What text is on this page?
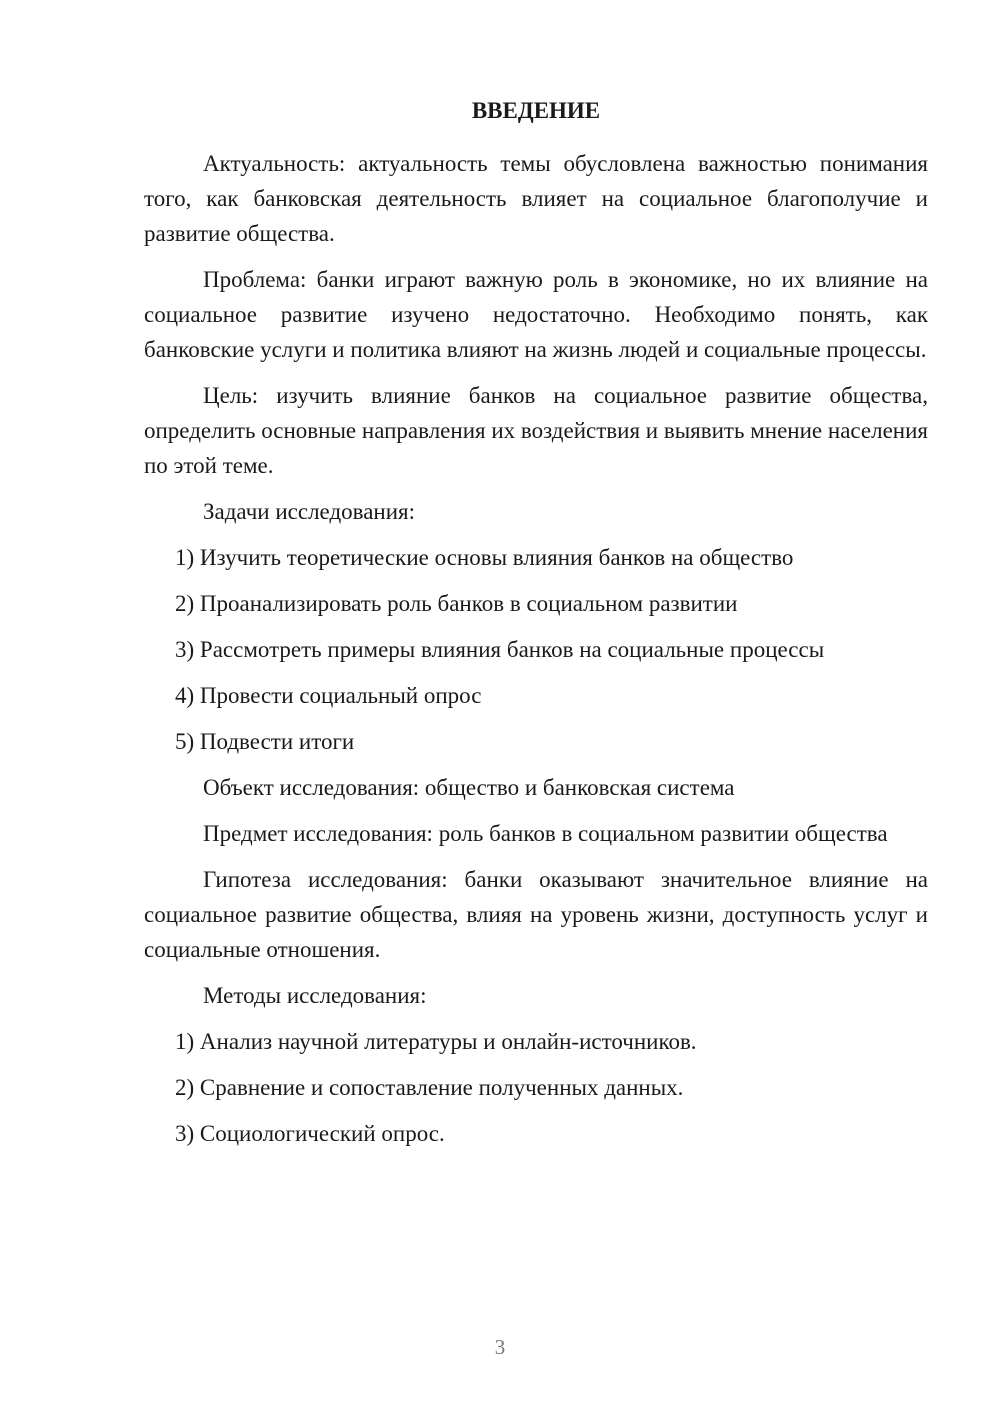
ВВЕДЕНИЕ

Актуальность: актуальность темы обусловлена важностью понимания того, как банковская деятельность влияет на социальное благополучие и развитие общества.

Проблема: банки играют важную роль в экономике, но их влияние на социальное развитие изучено недостаточно. Необходимо понять, как банковские услуги и политика влияют на жизнь людей и социальные процессы.

Цель: изучить влияние банков на социальное развитие общества, определить основные направления их воздействия и выявить мнение населения по этой теме.

Задачи исследования:

1) Изучить теоретические основы влияния банков на общество
2) Проанализировать роль банков в социальном развитии
3) Рассмотреть примеры влияния банков на социальные процессы
4) Провести социальный опрос
5) Подвести итоги

Объект исследования: общество и банковская система

Предмет исследования: роль банков в социальном развитии общества

Гипотеза исследования: банки оказывают значительное влияние на социальное развитие общества, влияя на уровень жизни, доступность услуг и социальные отношения.

Методы исследования:

1) Анализ научной литературы и онлайн-источников.
2) Сравнение и сопоставление полученных данных.
3) Социологический опрос.
3
